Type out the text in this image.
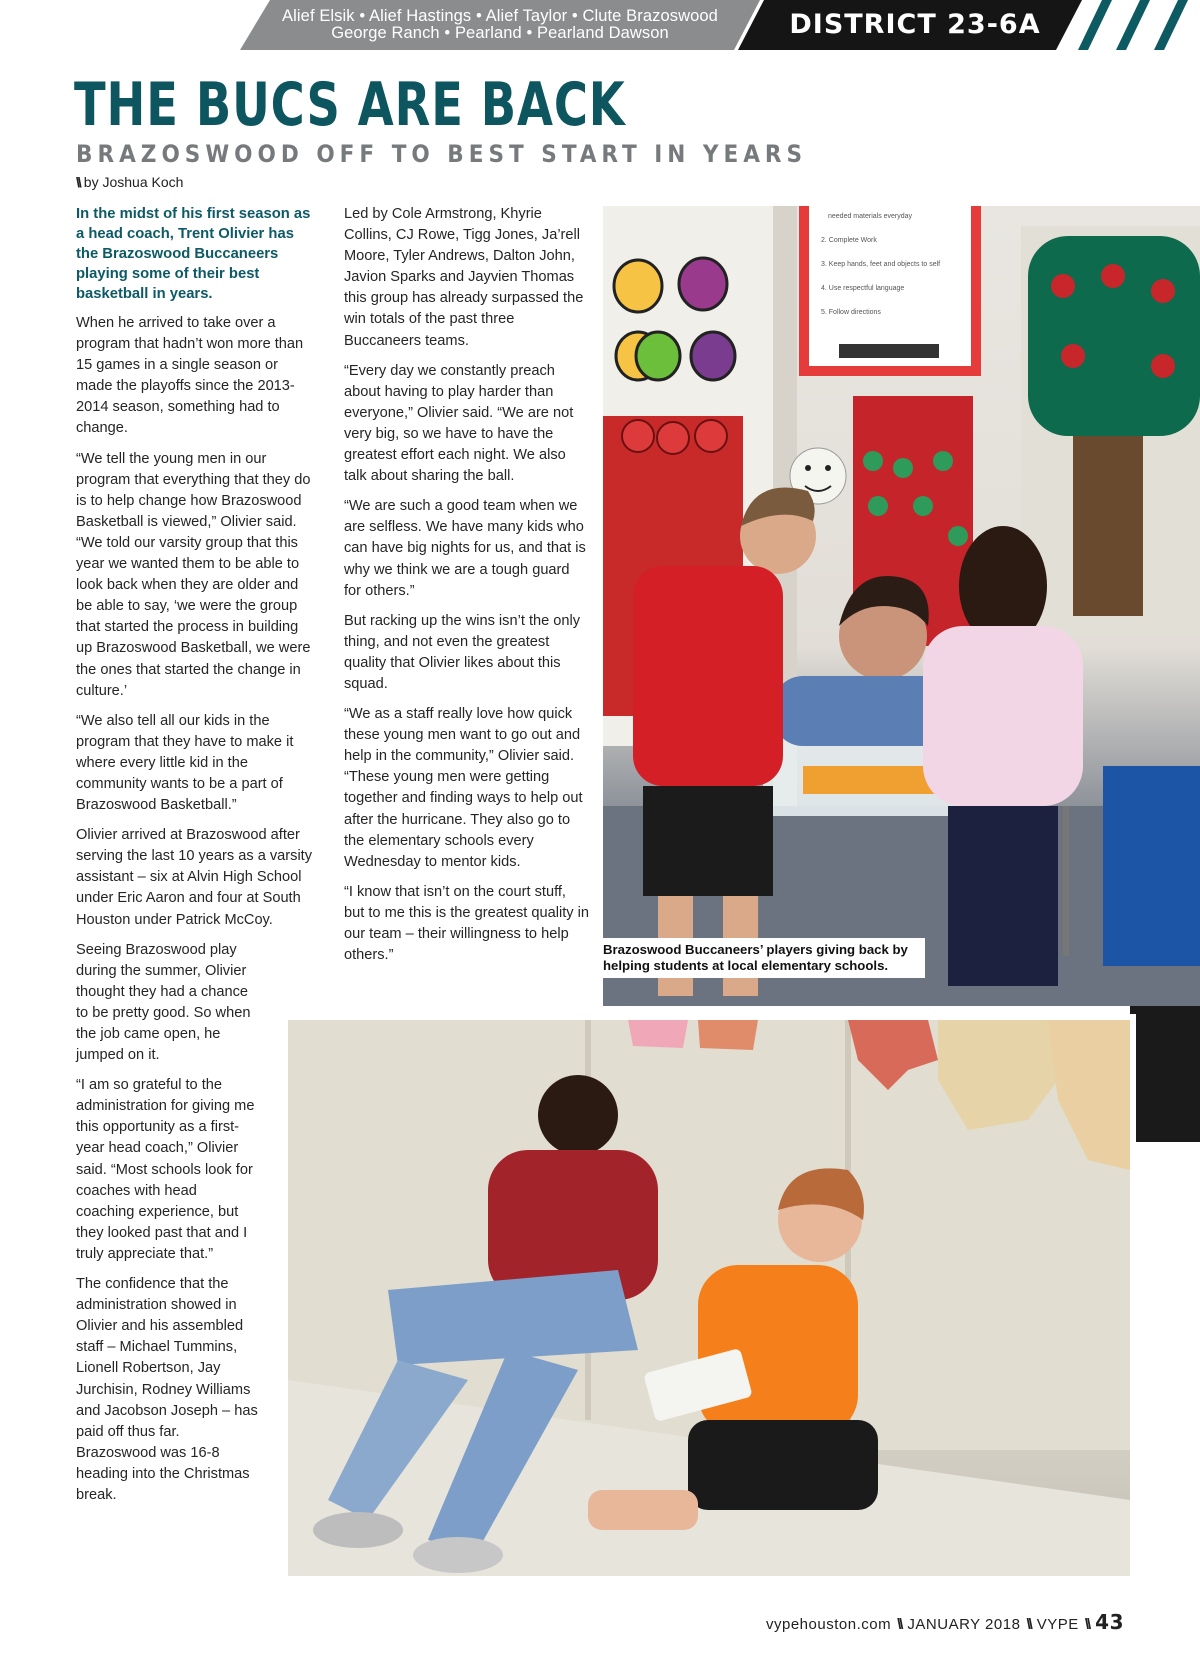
Alief Elsik • Alief Hastings • Alief Taylor • Clute Brazoswood
George Ranch • Pearland • Pearland Dawson	DISTRICT 23-6A
THE BUCS ARE BACK
BRAZOSWOOD OFF TO BEST START IN YEARS
\\ by Joshua Koch

In the midst of his first season as a head coach, Trent Olivier has the Brazoswood Buccaneers playing some of their best basketball in years.

When he arrived to take over a program that hadn’t won more than 15 games in a single season or made the playoffs since the 2013-2014 season, something had to change.

“We tell the young men in our program that everything that they do is to help change how Brazoswood Basketball is viewed,” Olivier said. “We told our varsity group that this year we wanted them to be able to look back when they are older and be able to say, ‘we were the group that started the process in building up Brazoswood Basketball, we were the ones that started the change in culture.’

“We also tell all our kids in the program that they have to make it where every little kid in the community wants to be a part of Brazoswood Basketball.”

Olivier arrived at Brazoswood after serving the last 10 years as a varsity assistant – six at Alvin High School under Eric Aaron and four at South Houston under Patrick McCoy.

Seeing Brazoswood play during the summer, Olivier thought they had a chance to be pretty good. So when the job came open, he jumped on it.

“I am so grateful to the administration for giving me this opportunity as a first-year head coach,” Olivier said. “Most schools look for coaches with head coaching experience, but they looked past that and I truly appreciate that.”

The confidence that the administration showed in Olivier and his assembled staff – Michael Tummins, Lionell Robertson, Jay Jurchisin, Rodney Williams and Jacobson Joseph – has paid off thus far. Brazoswood was 16-8 heading into the Christmas break.

Led by Cole Armstrong, Khyrie Collins, CJ Rowe, Tigg Jones, Ja’rell Moore, Tyler Andrews, Dalton John, Javion Sparks and Jayvien Thomas this group has already surpassed the win totals of the past three Buccaneers teams.

“Every day we constantly preach about having to play harder than everyone,” Olivier said. “We are not very big, so we have to have the greatest effort each night. We also talk about sharing the ball.

“We are such a good team when we are selfless. We have many kids who can have big nights for us, and that is why we think we are a tough guard for others.”

But racking up the wins isn’t the only thing, and not even the greatest quality that Olivier likes about this squad.

“We as a staff really love how quick these young men want to go out and help in the community,” Olivier said. “These young men were getting together and finding ways to help out after the hurricane. They also go to the elementary schools every Wednesday to mentor kids.

“I know that isn’t on the court stuff, but to me this is the greatest quality in our team – their willingness to help others.”

needed materials everyday
2. Complete Work
3. Keep hands, feet and objects to self
4. Use respectful language
5. Follow directions
Brazoswood Buccaneers’ players giving back by helping students at local elementary schools.
vypehouston.com \\ JANUARY 2018 \\ VYPE \\ 43
